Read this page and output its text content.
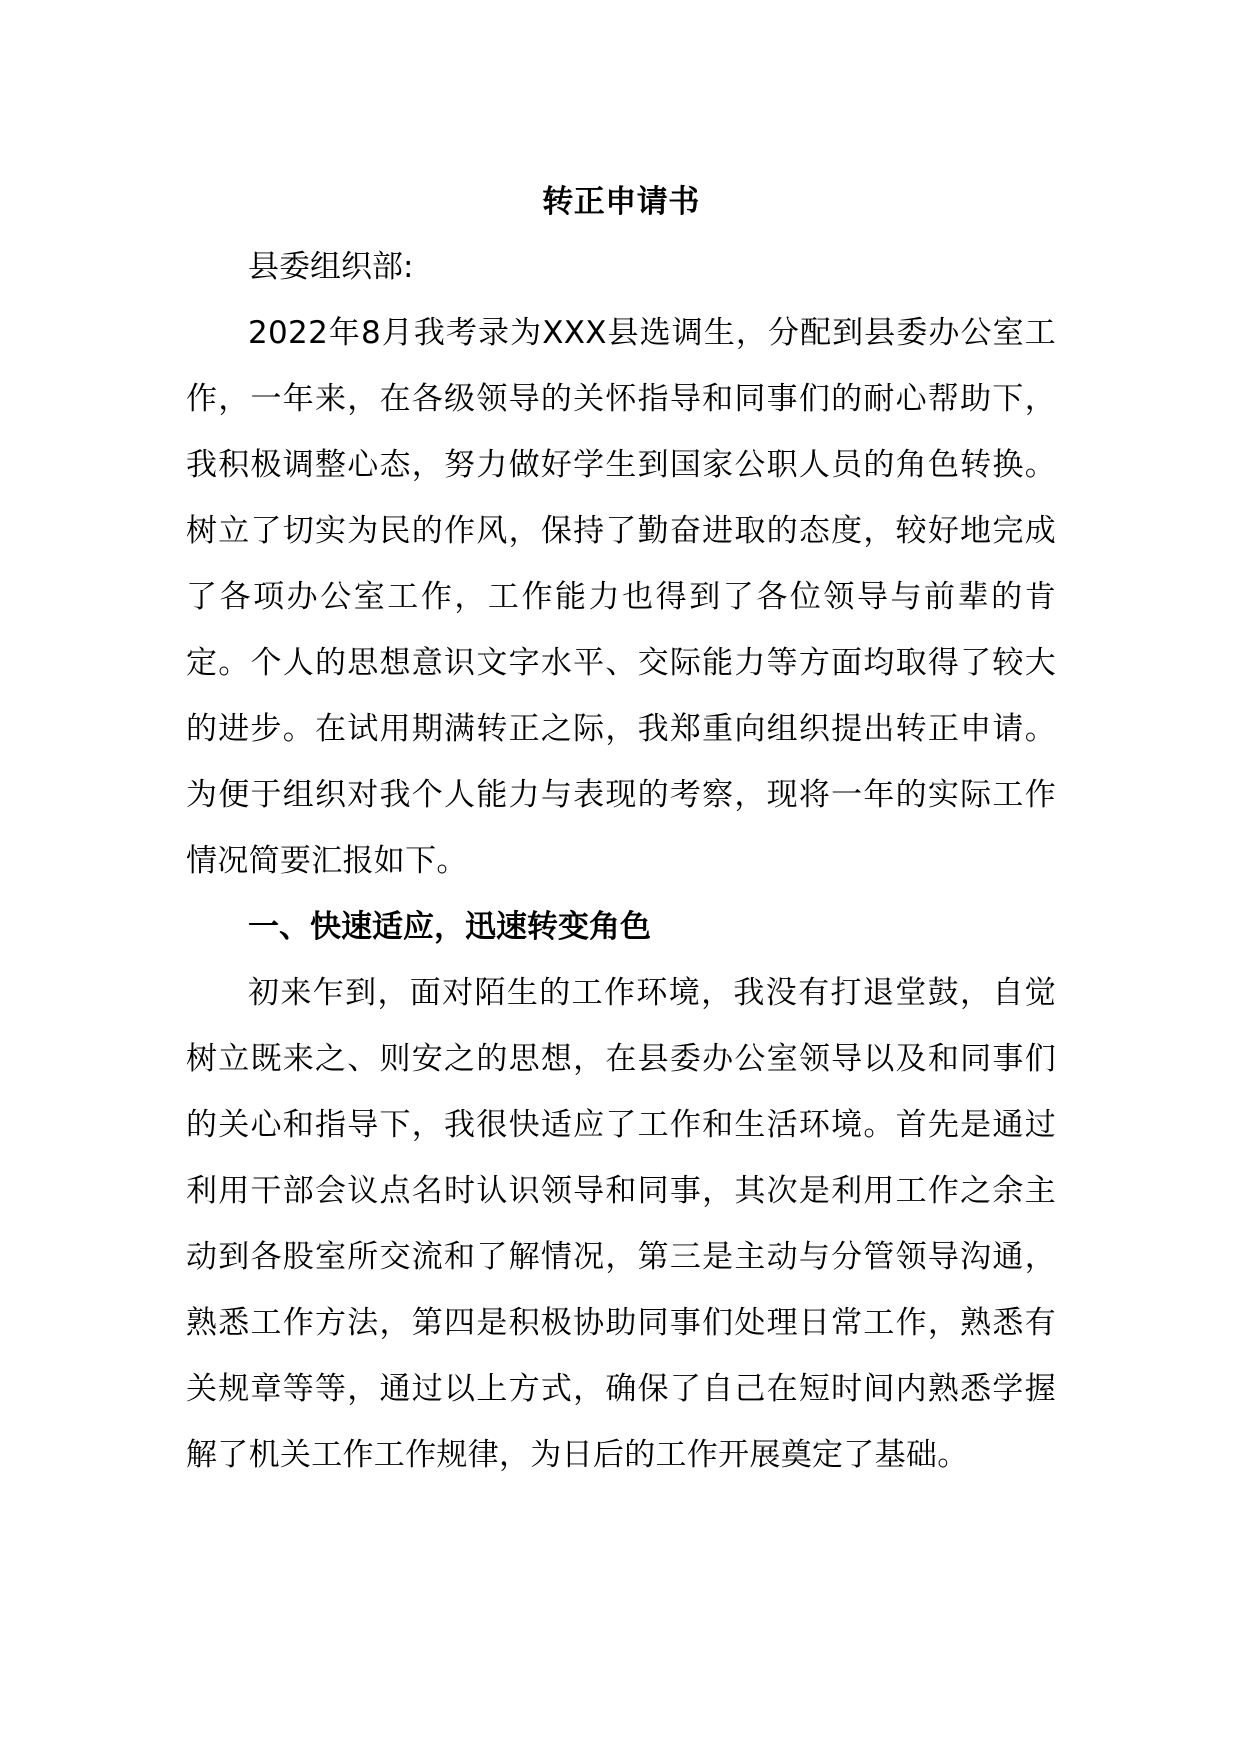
转正申请书

县委组织部:

2022年8月我考录为XXX县选调生，分配到县委办公室工作，一年来，在各级领导的关怀指导和同事们的耐心帮助下，我积极调整心态，努力做好学生到国家公职人员的角色转换。树立了切实为民的作风，保持了勤奋进取的态度，较好地完成了各项办公室工作，工作能力也得到了各位领导与前辈的肯定。个人的思想意识文字水平、交际能力等方面均取得了较大的进步。在试用期满转正之际，我郑重向组织提出转正申请。为便于组织对我个人能力与表现的考察，现将一年的实际工作情况简要汇报如下。

一、快速适应，迅速转变角色

初来乍到，面对陌生的工作环境，我没有打退堂鼓，自觉树立既来之、则安之的思想，在县委办公室领导以及和同事们的关心和指导下，我很快适应了工作和生活环境。首先是通过利用干部会议点名时认识领导和同事，其次是利用工作之余主动到各股室所交流和了解情况，第三是主动与分管领导沟通，熟悉工作方法，第四是积极协助同事们处理日常工作，熟悉有关规章等等，通过以上方式，确保了自己在短时间内熟悉学握解了机关工作工作规律，为日后的工作开展奠定了基础。
